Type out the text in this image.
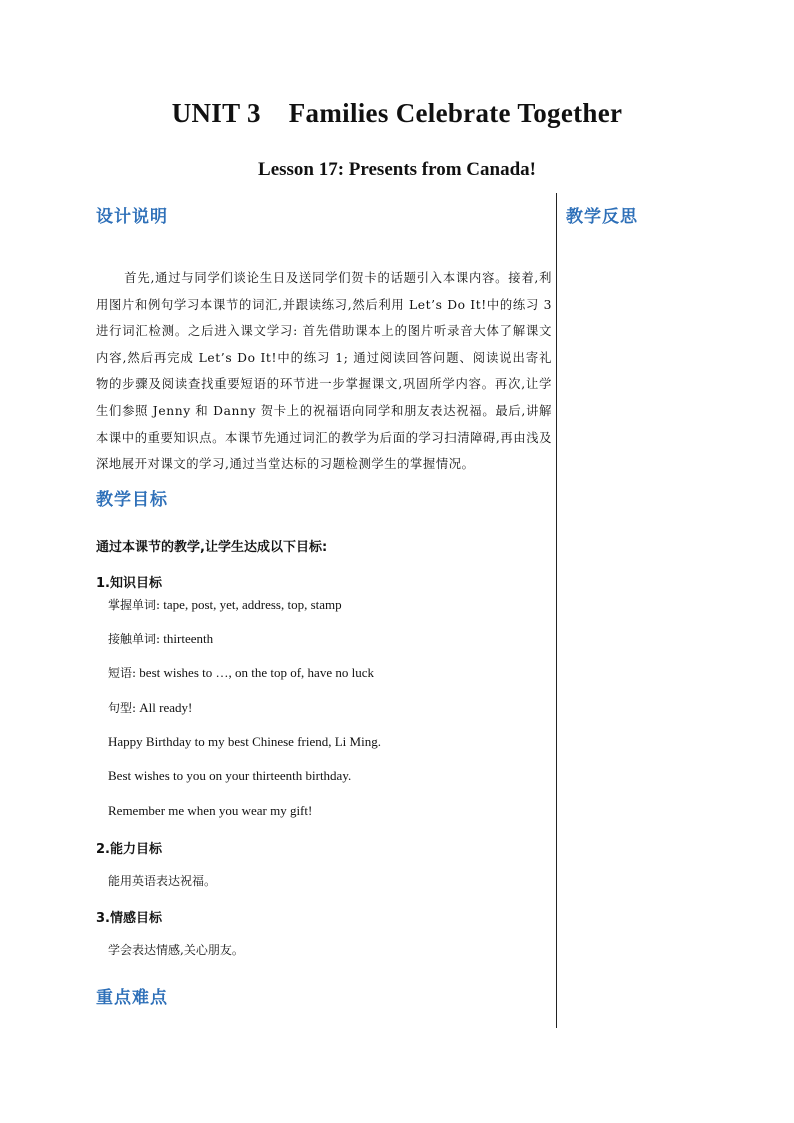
UNIT 3 Families Celebrate Together
Lesson 17: Presents from Canada!
设计说明	教学反思

首先,通过与同学们谈论生日及送同学们贺卡的话题引入本课内容。接着,利用图片和例句学习本课节的词汇,并跟读练习,然后利用 Let’s Do It!中的练习 3 进行词汇检测。之后进入课文学习: 首先借助课本上的图片听录音大体了解课文内容,然后再完成 Let’s Do It!中的练习 1; 通过阅读回答问题、阅读说出寄礼物的步骤及阅读查找重要短语的环节进一步掌握课文,巩固所学内容。再次,让学生们参照 Jenny 和 Danny 贺卡上的祝福语向同学和朋友表达祝福。最后,讲解本课中的重要知识点。本课节先通过词汇的教学为后面的学习扫清障碍,再由浅及深地展开对课文的学习,通过当堂达标的习题检测学生的掌握情况。

教学目标

通过本课节的教学,让学生达成以下目标:

1.知识目标

掌握单词: tape, post, yet, address, top, stamp

接触单词: thirteenth

短语: best wishes to …, on the top of, have no luck

句型: All ready!

Happy Birthday to my best Chinese friend, Li Ming.

Best wishes to you on your thirteenth birthday.

Remember me when you wear my gift!

2.能力目标

能用英语表达祝福。

3.情感目标

学会表达情感,关心朋友。

重点难点
